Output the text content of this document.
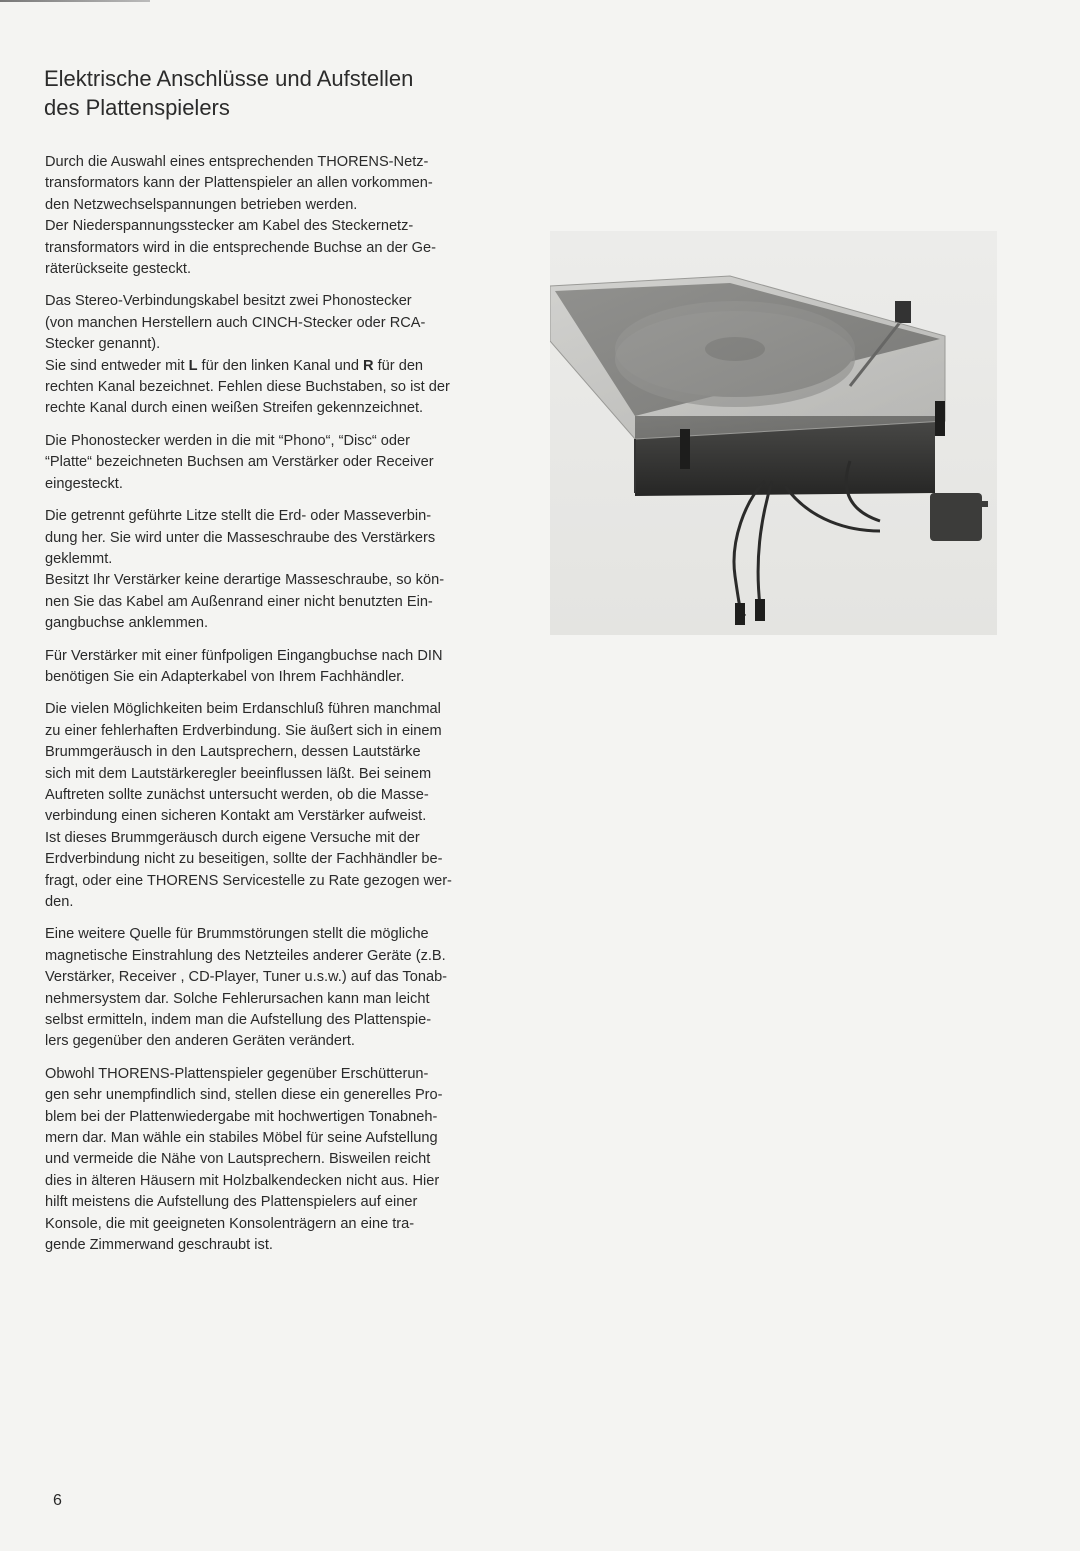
Elektrische Anschlüsse und Aufstellen
des Plattenspielers

Durch die Auswahl eines entsprechenden THORENS-Netz-
transformators kann der Plattenspieler an allen vorkommen-
den Netzwechselspannungen betrieben werden.
Der Niederspannungsstecker am Kabel des Steckernetz-
transformators wird in die entsprechende Buchse an der Ge-
räterückseite gesteckt.

Das Stereo-Verbindungskabel besitzt zwei Phonostecker
(von manchen Herstellern auch CINCH-Stecker oder RCA-
Stecker genannt).
Sie sind entweder mit L für den linken Kanal und R für den
rechten Kanal bezeichnet. Fehlen diese Buchstaben, so ist der
rechte Kanal durch einen weißen Streifen gekennzeichnet.

Die Phonostecker werden in die mit “Phono“, “Disc“ oder
“Platte“ bezeichneten Buchsen am Verstärker oder Receiver
eingesteckt.

Die getrennt geführte Litze stellt die Erd- oder Masseverbin-
dung her. Sie wird unter die Masseschraube des Verstärkers
geklemmt.
Besitzt Ihr Verstärker keine derartige Masseschraube, so kön-
nen Sie das Kabel am Außenrand einer nicht benutzten Ein-
gangbuchse anklemmen.

Für Verstärker mit einer fünfpoligen Eingangbuchse nach DIN
benötigen Sie ein Adapterkabel von Ihrem Fachhändler.

Die vielen Möglichkeiten beim Erdanschluß führen manchmal
zu einer fehlerhaften Erdverbindung. Sie äußert sich in einem
Brummgeräusch in den Lautsprechern, dessen Lautstärke
sich mit dem Lautstärkeregler beeinflussen läßt. Bei seinem
Auftreten sollte zunächst untersucht werden, ob die Masse-
verbindung einen sicheren Kontakt am Verstärker aufweist.
Ist dieses Brummgeräusch durch eigene Versuche mit der
Erdverbindung nicht zu beseitigen, sollte der Fachhändler be-
fragt, oder eine THORENS Servicestelle zu Rate gezogen wer-
den.

Eine weitere Quelle für Brummstörungen stellt die mögliche
magnetische Einstrahlung des Netzteiles anderer Geräte (z.B.
Verstärker, Receiver , CD-Player, Tuner u.s.w.) auf das Tonab-
nehmersystem dar. Solche Fehlerursachen kann man leicht
selbst ermitteln, indem man die Aufstellung des Plattenspie-
lers gegenüber den anderen Geräten verändert.

Obwohl THORENS-Plattenspieler gegenüber Erschütterun-
gen sehr unempfindlich sind, stellen diese ein generelles Pro-
blem bei der Plattenwiedergabe mit hochwertigen Tonabneh-
mern dar. Man wähle ein stabiles Möbel für seine Aufstellung
und vermeide die Nähe von Lautsprechern. Bisweilen reicht
dies in älteren Häusern mit Holzbalkendecken nicht aus. Hier
hilft meistens die Aufstellung des Plattenspielers auf einer
Konsole, die mit geeigneten Konsolenträgern an eine tra-
gende Zimmerwand geschraubt ist.

6
